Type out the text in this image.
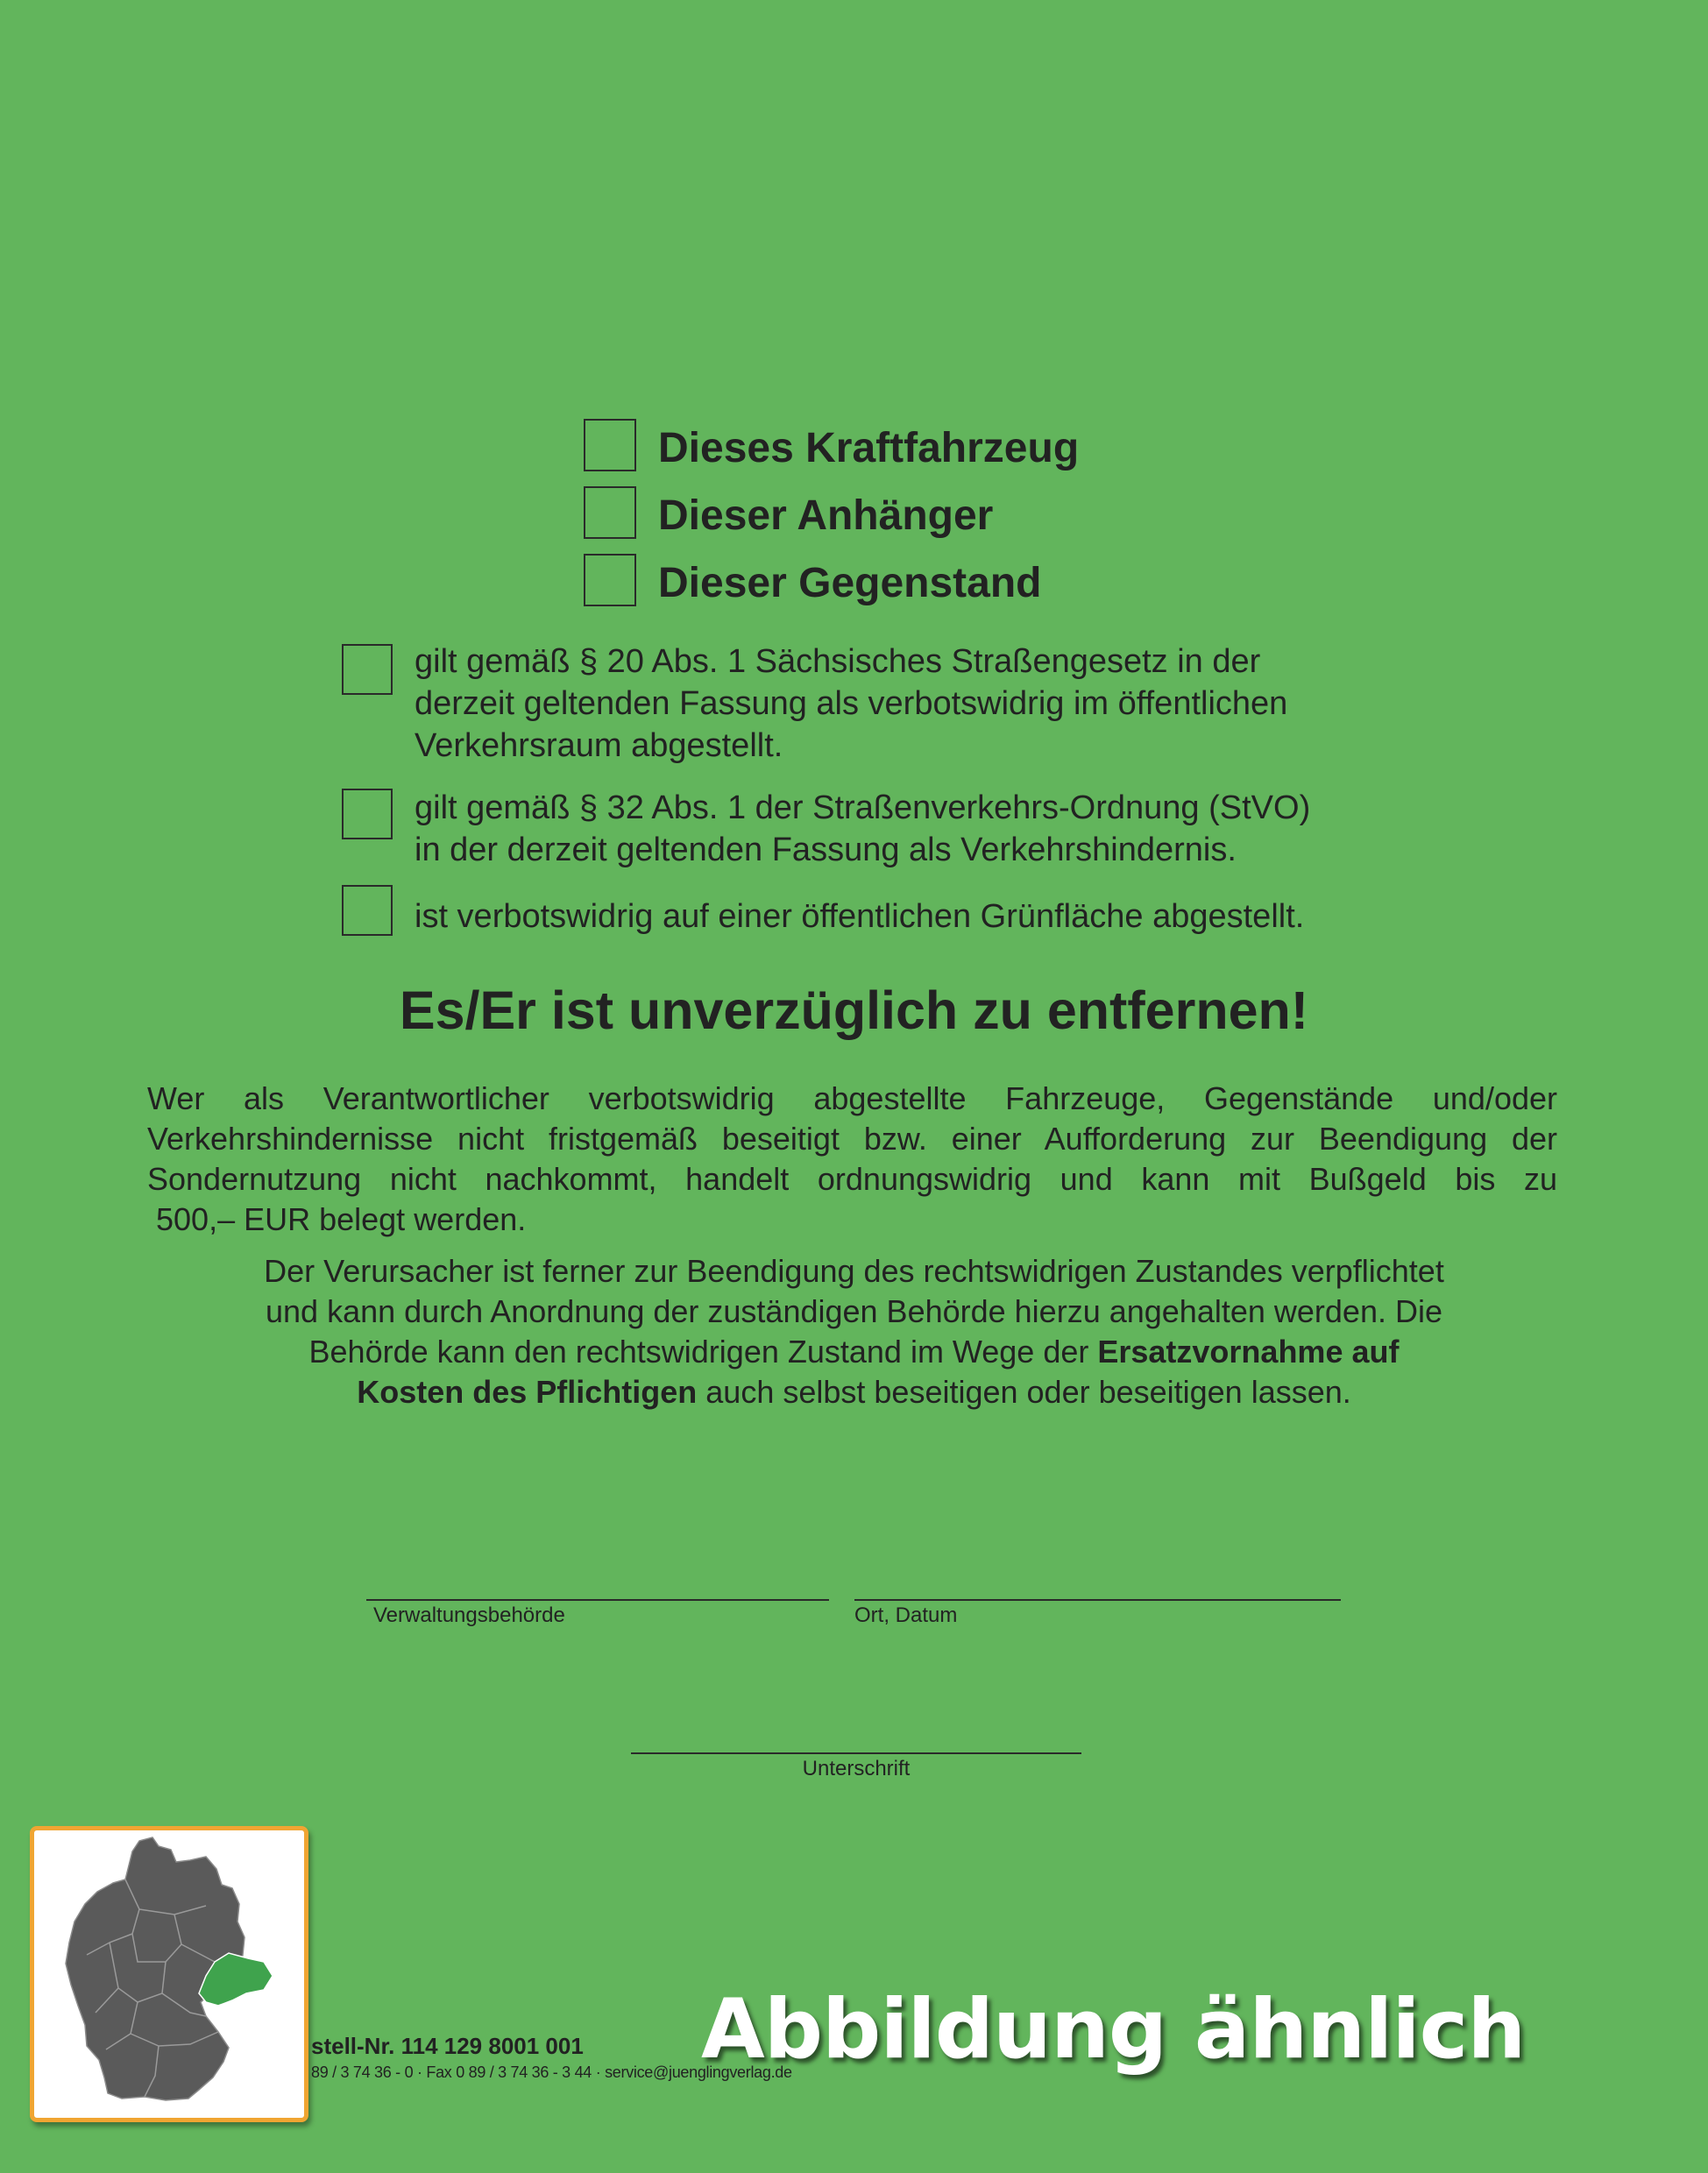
Dieses Kraftfahrzeug
Dieser Anhänger
Dieser Gegenstand
gilt gemäß § 20 Abs. 1 Sächsisches Straßengesetz in der
derzeit geltenden Fassung als verbotswidrig im öffentlichen
Verkehrsraum abgestellt.
gilt gemäß § 32 Abs. 1 der Straßenverkehrs-Ordnung (StVO)
in der derzeit geltenden Fassung als Verkehrshindernis.
ist verbotswidrig auf einer öffentlichen Grünfläche abgestellt.
Es/Er ist unverzüglich zu entfernen!
Wer als Verantwortlicher verbotswidrig abgestellte Fahrzeuge, Gegenstände und/oder
Verkehrshindernisse nicht fristgemäß beseitigt bzw. einer Aufforderung zur Beendigung der
Sondernutzung nicht nachkommt, handelt ordnungswidrig und kann mit Bußgeld bis zu
500,– EUR belegt werden.
Der Verursacher ist ferner zur Beendigung des rechtswidrigen Zustandes verpflichtet
und kann durch Anordnung der zuständigen Behörde hierzu angehalten werden. Die
Behörde kann den rechtswidrigen Zustand im Wege der Ersatzvornahme auf
Kosten des Pflichtigen auch selbst beseitigen oder beseitigen lassen.
Verwaltungsbehörde	Ort, Datum
Unterschrift
stell-Nr. 114 129 8001 001
89 / 3 74 36 - 0 · Fax 0 89 / 3 74 36 - 3 44 · service@juenglingverlag.de
Abbildung ähnlich
